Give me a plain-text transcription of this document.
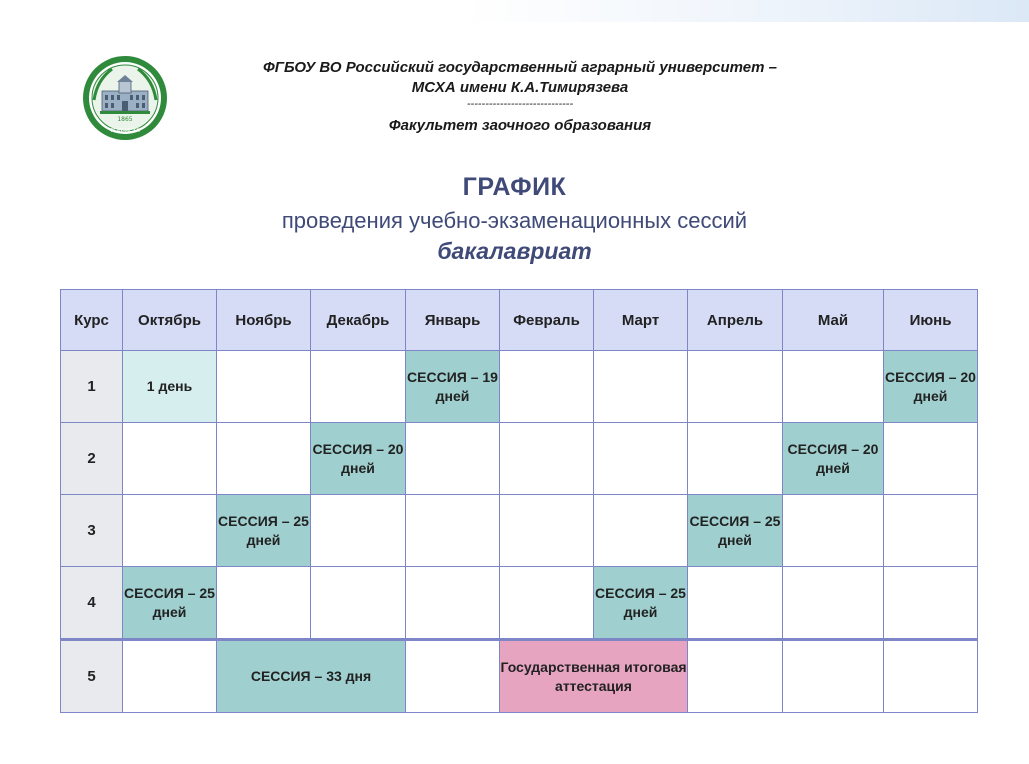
1865
РГАУ-МСХА
ФГБОУ ВО Российский государственный аграрный университет –
МСХА имени К.А.Тимирязева
-----------------------------
Факультет заочного образования
ГРАФИК
проведения учебно-экзаменационных сессий
бакалавриат
Курс	Октябрь	Ноябрь	Декабрь	Январь	Февраль	Март	Апрель	Май	Июнь
1	1 день			СЕССИЯ – 19 дней					СЕССИЯ – 20 дней
2			СЕССИЯ – 20 дней					СЕССИЯ – 20 дней	
3		СЕССИЯ – 25 дней					СЕССИЯ – 25 дней		
4	СЕССИЯ – 25 дней					СЕССИЯ – 25 дней			
5		СЕССИЯ – 33 дня			Государственная итоговая аттестация				
